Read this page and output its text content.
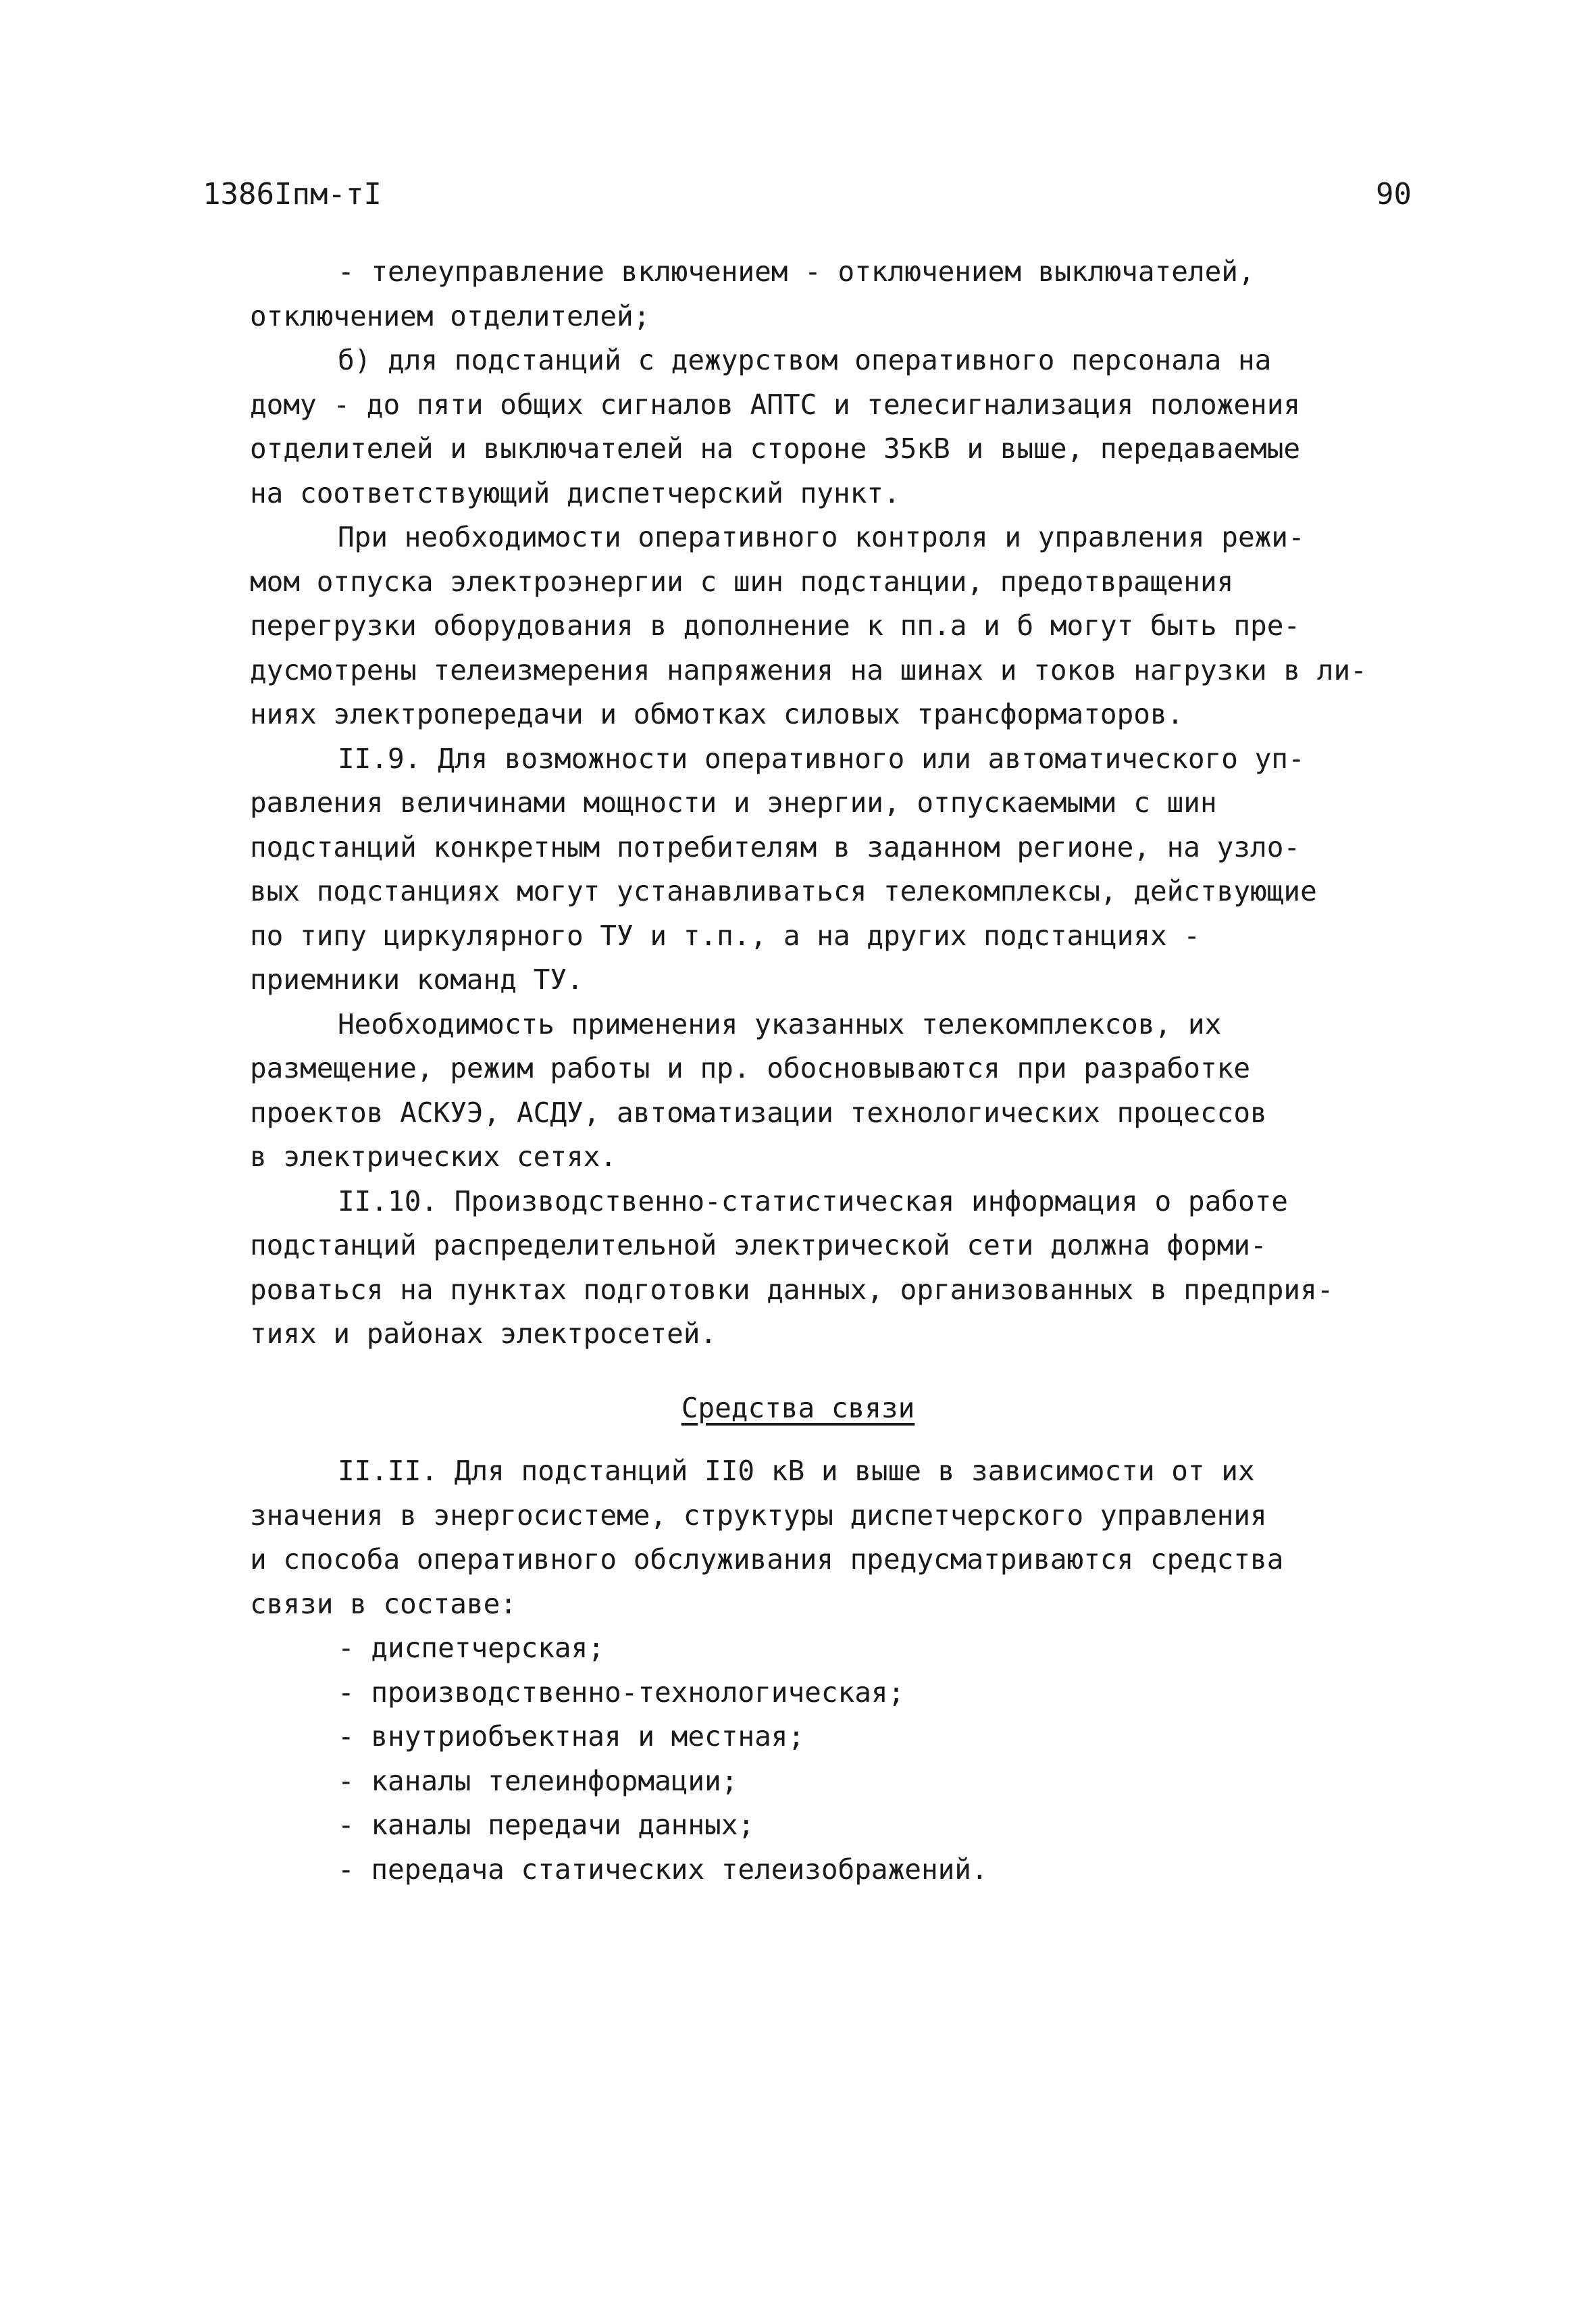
1386Iпм-тI	90
- телеуправление включением - отключением выключателей,
отключением отделителей;
б) для подстанций с дежурством оперативного персонала на
дому - до пяти общих сигналов АПТС и телесигнализация положения
отделителей и выключателей на стороне 35кВ и выше, передаваемые
на соответствующий диспетчерский пункт.
При необходимости оперативного контроля и управления режи-
мом отпуска электроэнергии с шин подстанции, предотвращения
перегрузки оборудования в дополнение к пп.а и б могут быть пре-
дусмотрены телеизмерения напряжения на шинах и токов нагрузки в ли-
ниях электропередачи и обмотках силовых трансформаторов.
II.9. Для возможности оперативного или автоматического уп-
равления величинами мощности и энергии, отпускаемыми с шин
подстанций конкретным потребителям в заданном регионе, на узло-
вых подстанциях могут устанавливаться телекомплексы, действующие
по типу циркулярного ТУ и т.п., а на других подстанциях -
приемники команд ТУ.
Необходимость применения указанных телекомплексов, их
размещение, режим работы и пр. обосновываются при разработке
проектов АСКУЭ, АСДУ, автоматизации технологических процессов
в электрических сетях.
II.10. Производственно-статистическая информация о работе
подстанций распределительной электрической сети должна форми-
роваться на пунктах подготовки данных, организованных в предприя-
тиях и районах электросетей.
Средства связи
II.II. Для подстанций II0 кВ и выше в зависимости от их
значения в энергосистеме, структуры диспетчерского управления
и способа оперативного обслуживания предусматриваются средства
связи в составе:
- диспетчерская;
- производственно-технологическая;
- внутриобъектная и местная;
- каналы телеинформации;
- каналы передачи данных;
- передача статических телеизображений.
